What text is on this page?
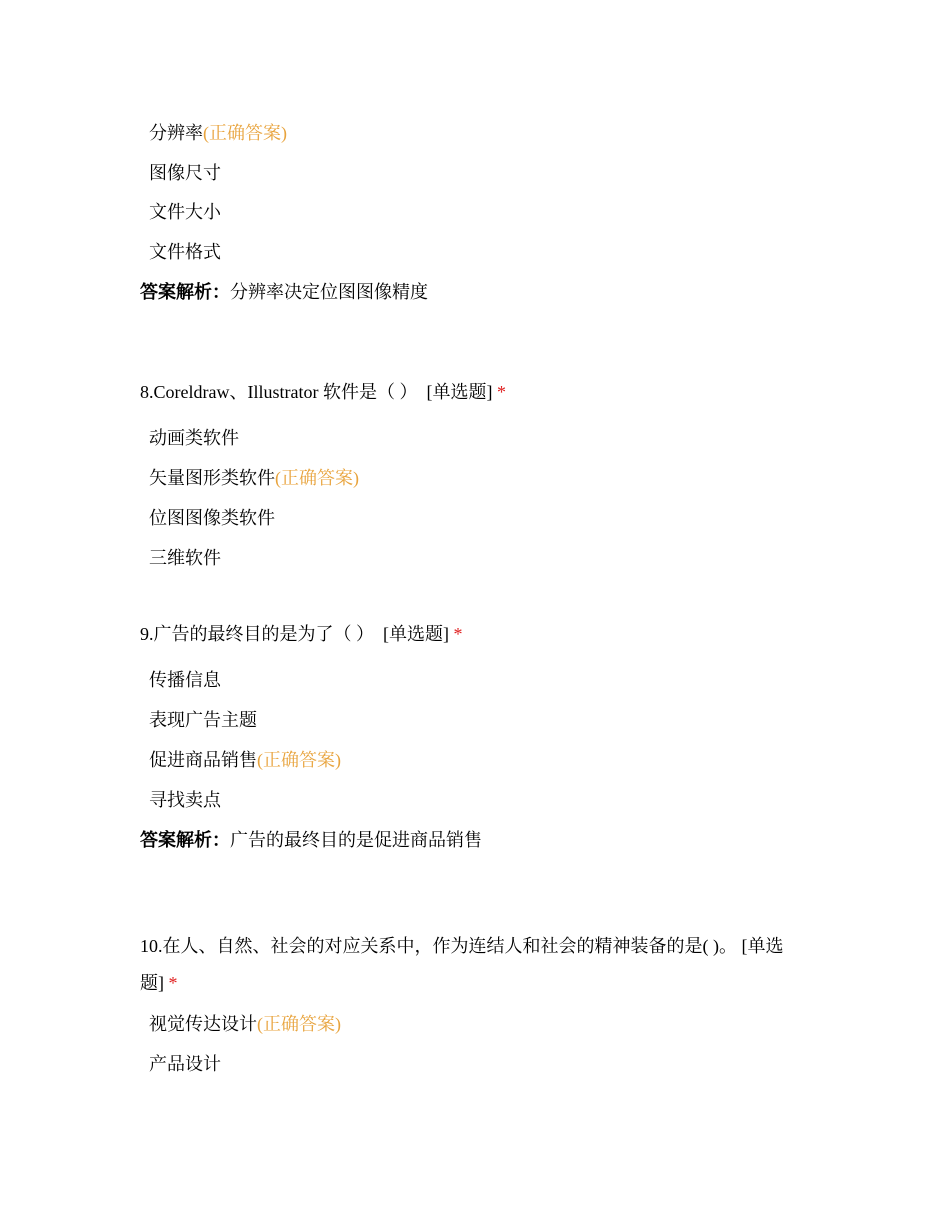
分辨率(正确答案)
图像尺寸
文件大小
文件格式
答案解析：分辨率决定位图图像精度
8.Coreldraw、Illustrator 软件是（ ） [单选题] *
动画类软件
矢量图形类软件(正确答案)
位图图像类软件
三维软件
9.广告的最终目的是为了（ ） [单选题] *
传播信息
表现广告主题
促进商品销售(正确答案)
寻找卖点
答案解析：广告的最终目的是促进商品销售
10.在人、自然、社会的对应关系中，作为连结人和社会的精神装备的是( )。 [单选题] *
视觉传达设计(正确答案)
产品设计
